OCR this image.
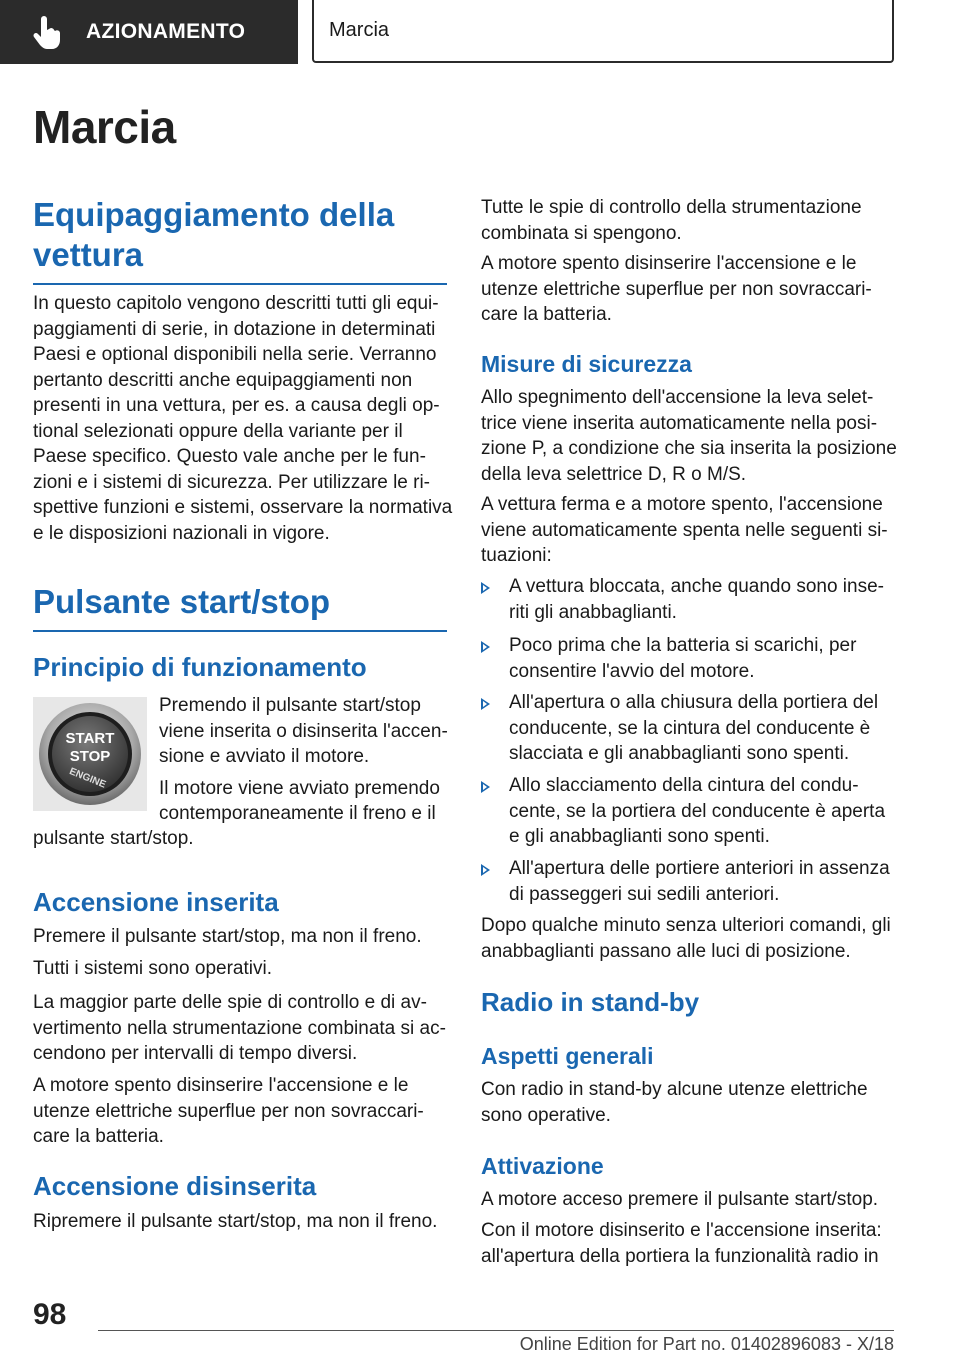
AZIONAMENTO	Marcia
Marcia
Equipaggiamento della
vettura
In questo capitolo vengono descritti tutti gli equi‐
paggiamenti di serie, in dotazione in determinati
Paesi e optional disponibili nella serie. Verranno
pertanto descritti anche equipaggiamenti non
presenti in una vettura, per es. a causa degli op‐
tional selezionati oppure della variante per il
Paese specifico. Questo vale anche per le fun‐
zioni e i sistemi di sicurezza. Per utilizzare le ri‐
spettive funzioni e sistemi, osservare la normativa
e le disposizioni nazionali in vigore.
Pulsante start/stop
Principio di funzionamento
START
STOP
ENGINE
Premendo il pulsante start/stop
viene inserita o disinserita l'accen‐
sione e avviato il motore.
Il motore viene avviato premendo
contemporaneamente il freno e il
pulsante start/stop.
Accensione inserita
Premere il pulsante start/stop, ma non il freno.
Tutti i sistemi sono operativi.
La maggior parte delle spie di controllo e di av‐
vertimento nella strumentazione combinata si ac‐
cendono per intervalli di tempo diversi.
A motore spento disinserire l'accensione e le
utenze elettriche superflue per non sovraccari‐
care la batteria.
Accensione disinserita
Ripremere il pulsante start/stop, ma non il freno.
Tutte le spie di controllo della strumentazione
combinata si spengono.
A motore spento disinserire l'accensione e le
utenze elettriche superflue per non sovraccari‐
care la batteria.
Misure di sicurezza
Allo spegnimento dell'accensione la leva selet‐
trice viene inserita automaticamente nella posi‐
zione P, a condizione che sia inserita la posizione
della leva selettrice D, R o M/S.
A vettura ferma e a motore spento, l'accensione
viene automaticamente spenta nelle seguenti si‐
tuazioni:
A vettura bloccata, anche quando sono inse‐
riti gli anabbaglianti.
Poco prima che la batteria si scarichi, per
consentire l'avvio del motore.
All'apertura o alla chiusura della portiera del
conducente, se la cintura del conducente è
slacciata e gli anabbaglianti sono spenti.
Allo slacciamento della cintura del condu‐
cente, se la portiera del conducente è aperta
e gli anabbaglianti sono spenti.
All'apertura delle portiere anteriori in assenza
di passeggeri sui sedili anteriori.
Dopo qualche minuto senza ulteriori comandi, gli
anabbaglianti passano alle luci di posizione.
Radio in stand-by
Aspetti generali
Con radio in stand-by alcune utenze elettriche
sono operative.
Attivazione
A motore acceso premere il pulsante start/stop.
Con il motore disinserito e l'accensione inserita:
all'apertura della portiera la funzionalità radio in
98
Online Edition for Part no. 01402896083 - X/18
